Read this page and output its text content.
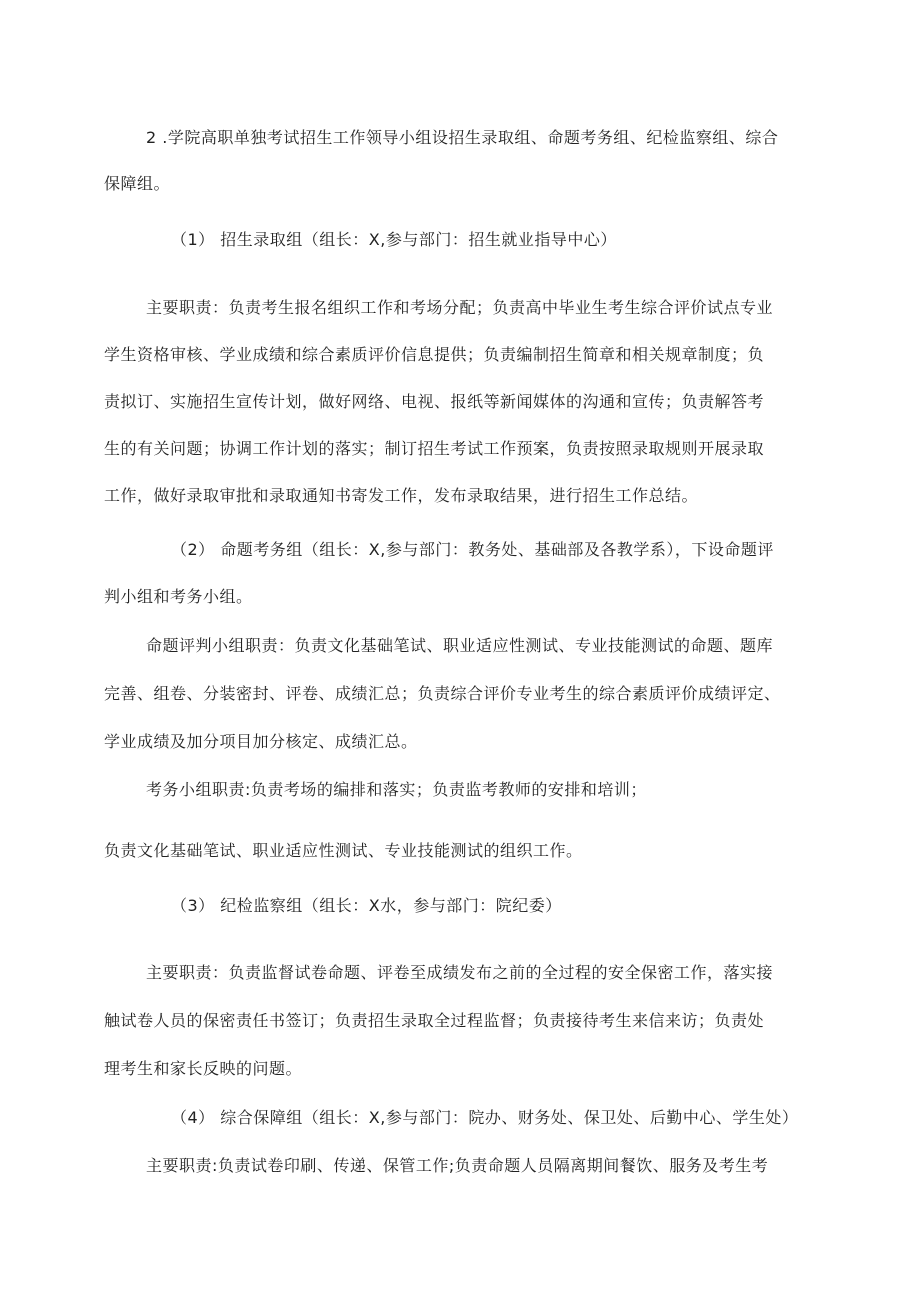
2 .学院高职单独考试招生工作领导小组设招生录取组、命题考务组、纪检监察组、综合
保障组。
（1） 招生录取组（组长：X,参与部门：招生就业指导中心）
主要职责：负责考生报名组织工作和考场分配；负责高中毕业生考生综合评价试点专业
学生资格审核、学业成绩和综合素质评价信息提供；负责编制招生简章和相关规章制度；负
责拟订、实施招生宣传计划，做好网络、电视、报纸等新闻媒体的沟通和宣传；负责解答考
生的有关问题；协调工作计划的落实；制订招生考试工作预案，负责按照录取规则开展录取
工作，做好录取审批和录取通知书寄发工作，发布录取结果，进行招生工作总结。
（2） 命题考务组（组长：X,参与部门：教务处、基础部及各教学系），下设命题评
判小组和考务小组。
命题评判小组职责：负责文化基础笔试、职业适应性测试、专业技能测试的命题、题库
完善、组卷、分装密封、评卷、成绩汇总；负责综合评价专业考生的综合素质评价成绩评定、
学业成绩及加分项目加分核定、成绩汇总。
考务小组职责:负责考场的编排和落实；负责监考教师的安排和培训；
负责文化基础笔试、职业适应性测试、专业技能测试的组织工作。
（3） 纪检监察组（组长：X水，参与部门：院纪委）
主要职责：负责监督试卷命题、评卷至成绩发布之前的全过程的安全保密工作，落实接
触试卷人员的保密责任书签订；负责招生录取全过程监督；负责接待考生来信来访；负责处
理考生和家长反映的问题。
（4） 综合保障组（组长：X,参与部门：院办、财务处、保卫处、后勤中心、学生处）
主要职责:负责试卷印刷、传递、保管工作;负责命题人员隔离期间餐饮、服务及考生考
